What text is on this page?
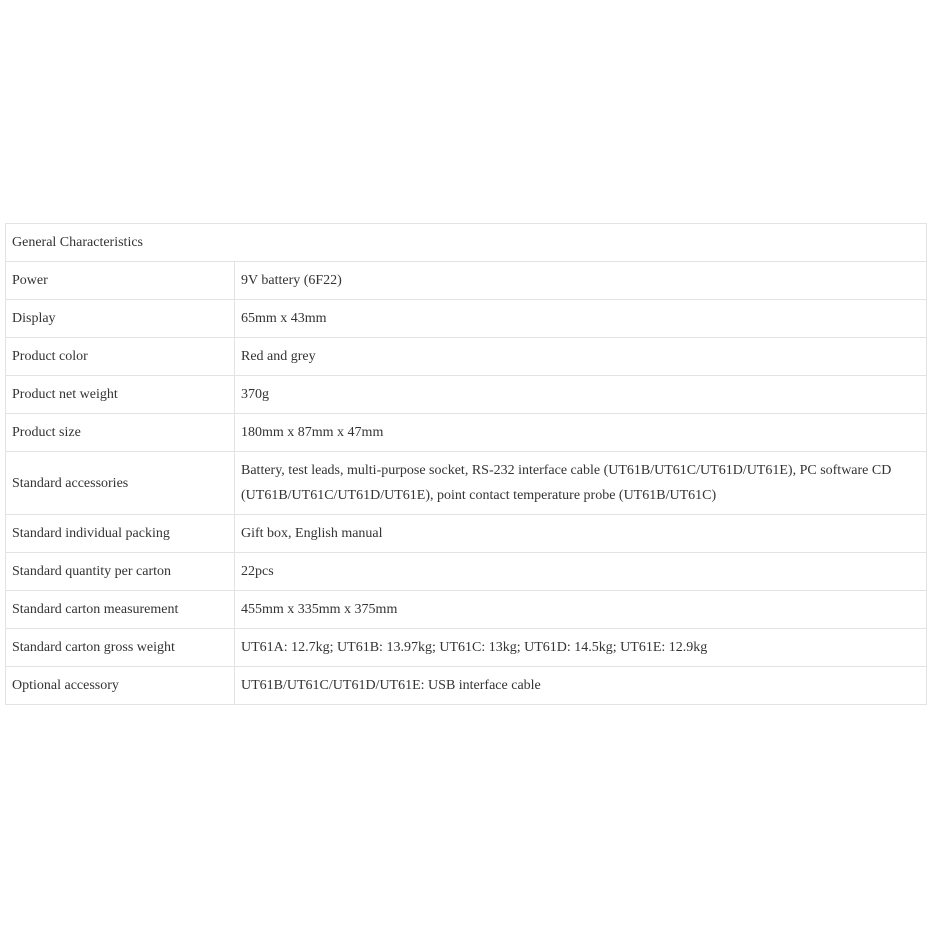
General Characteristics	
Power	9V battery (6F22)
Display	65mm x 43mm
Product color	Red and grey
Product net weight	370g
Product size	180mm x 87mm x 47mm
Standard accessories	Battery, test leads, multi-purpose socket, RS-232 interface cable (UT61B/UT61C/UT61D/UT61E), PC software CD (UT61B/UT61C/UT61D/UT61E), point contact temperature probe (UT61B/UT61C)
Standard individual packing	Gift box, English manual
Standard quantity per carton	22pcs
Standard carton measurement	455mm x 335mm x 375mm
Standard carton gross weight	UT61A: 12.7kg; UT61B: 13.97kg; UT61C: 13kg; UT61D: 14.5kg; UT61E: 12.9kg
Optional accessory	UT61B/UT61C/UT61D/UT61E: USB interface cable
